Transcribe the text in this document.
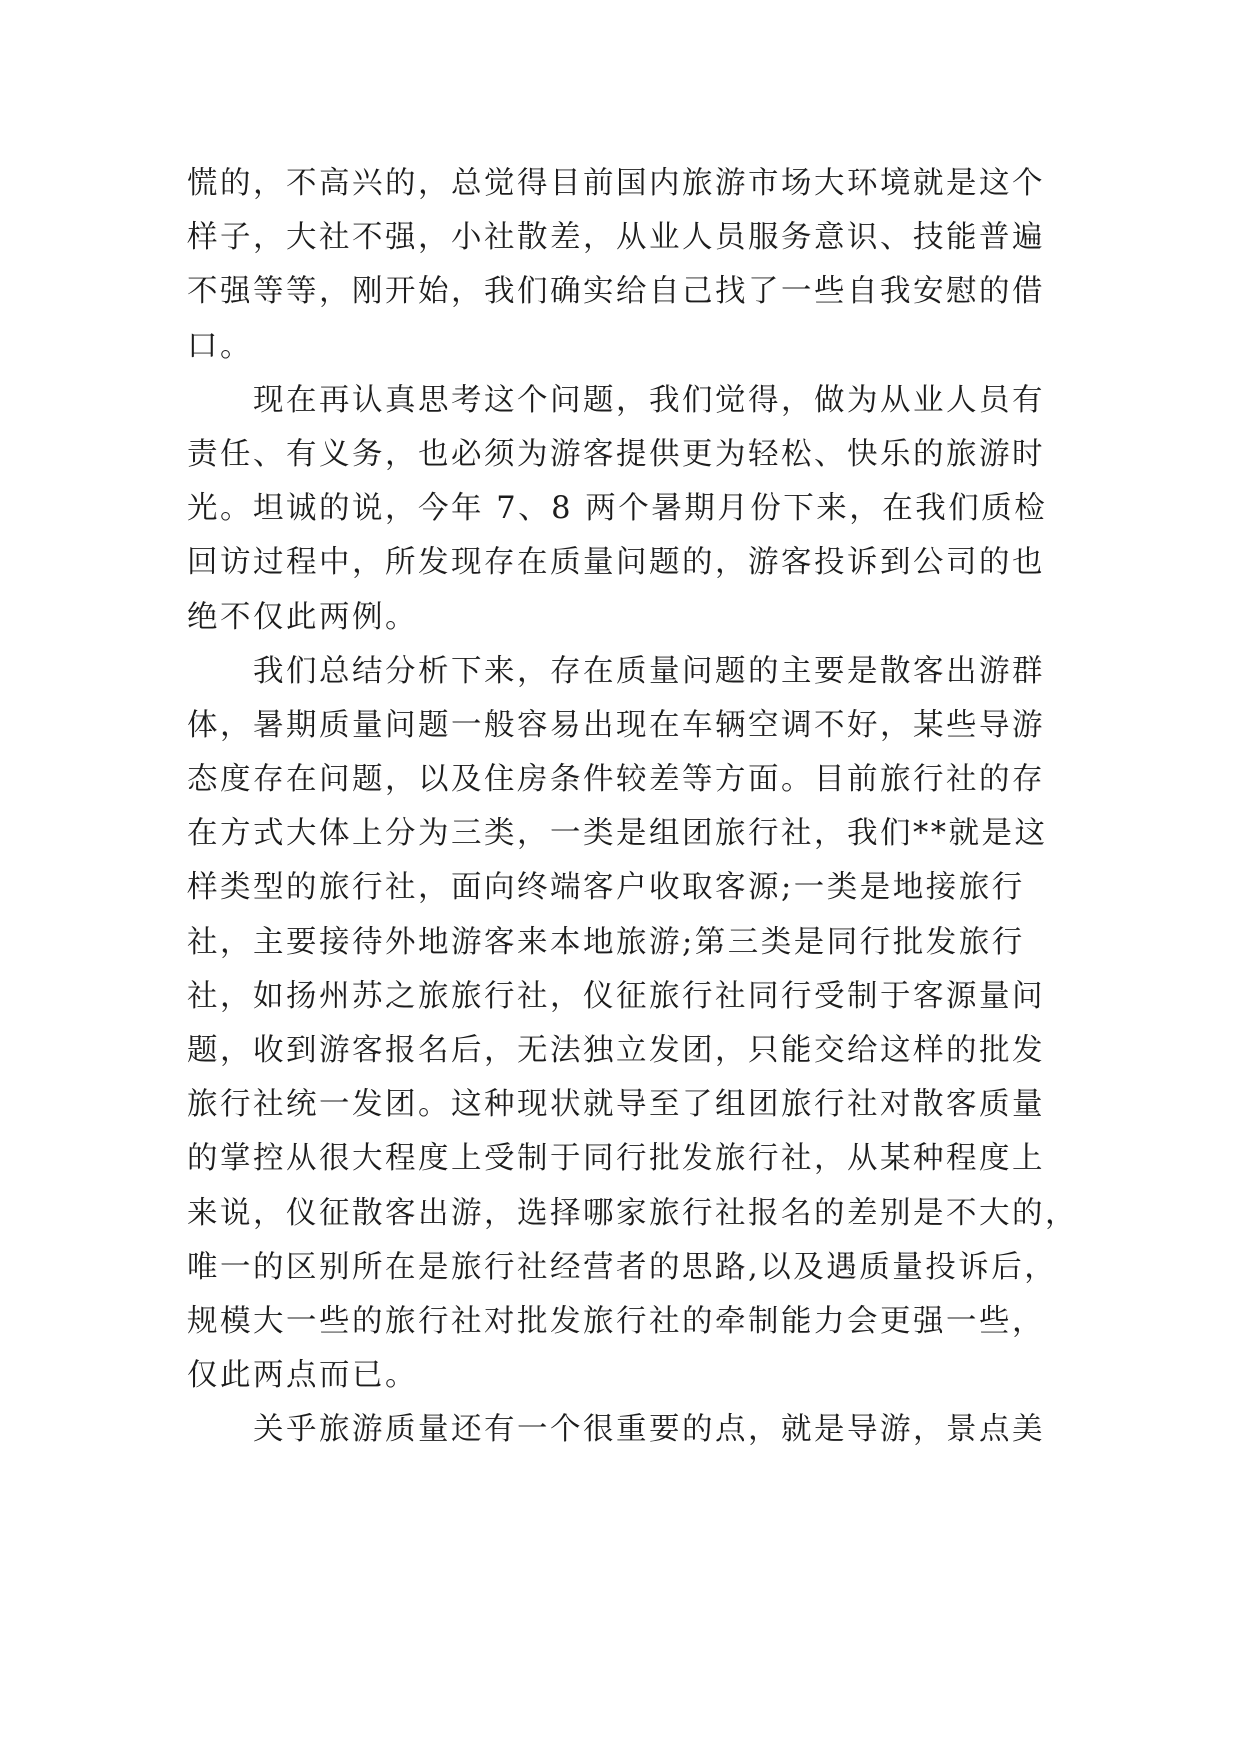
慌的，不高兴的，总觉得目前国内旅游市场大环境就是这个
样子，大社不强，小社散差，从业人员服务意识、技能普遍
不强等等，刚开始，我们确实给自己找了一些自我安慰的借
口。
现在再认真思考这个问题，我们觉得，做为从业人员有
责任、有义务，也必须为游客提供更为轻松、快乐的旅游时
光。坦诚的说，今年 7、8 两个暑期月份下来，在我们质检
回访过程中，所发现存在质量问题的，游客投诉到公司的也
绝不仅此两例。
我们总结分析下来，存在质量问题的主要是散客出游群
体，暑期质量问题一般容易出现在车辆空调不好，某些导游
态度存在问题，以及住房条件较差等方面。目前旅行社的存
在方式大体上分为三类，一类是组团旅行社，我们**就是这
样类型的旅行社，面向终端客户收取客源;一类是地接旅行
社，主要接待外地游客来本地旅游;第三类是同行批发旅行
社，如扬州苏之旅旅行社，仪征旅行社同行受制于客源量问
题，收到游客报名后，无法独立发团，只能交给这样的批发
旅行社统一发团。这种现状就导至了组团旅行社对散客质量
的掌控从很大程度上受制于同行批发旅行社，从某种程度上
来说，仪征散客出游，选择哪家旅行社报名的差别是不大的，
唯一的区别所在是旅行社经营者的思路,以及遇质量投诉后，
规模大一些的旅行社对批发旅行社的牵制能力会更强一些，
仅此两点而已。
关乎旅游质量还有一个很重要的点，就是导游，景点美
